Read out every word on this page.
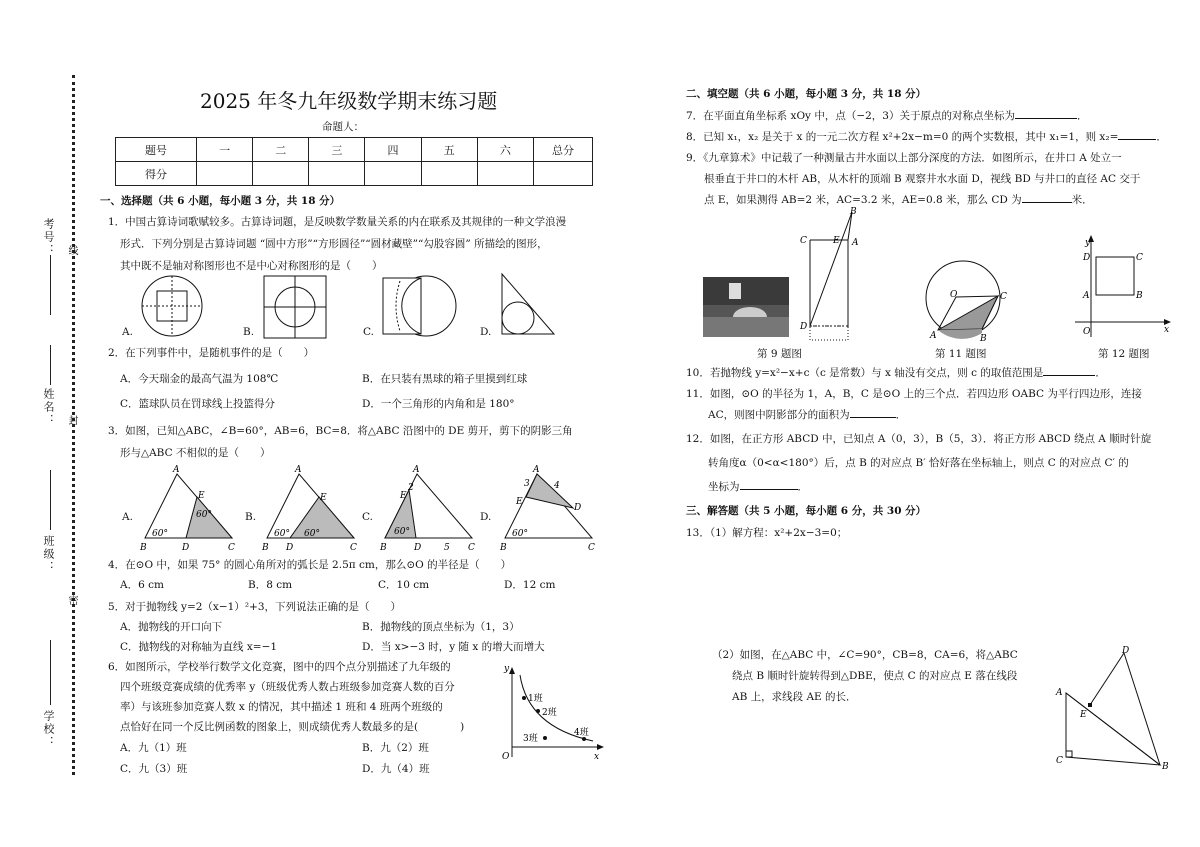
考号： 线
姓名： 封
班级：
密
学校：
2025 年冬九年级数学期末练习题
命题人：
题号	一	二	三	四	五	六	总分
得分							
一、选择题（共 6 小题，每小题 3 分，共 18 分）
1．中国古算诗词歌赋较多。古算诗词题，是反映数学数量关系的内在联系及其规律的一种文学浪漫
形式．下列分别是古算诗词题 “圆中方形”“方形圆径”“圆材藏壁”“勾股容圆” 所描绘的图形，
其中既不是轴对称图形也不是中心对称图形的是（　　）
A.	B.	C.	D.
2．在下列事件中，是随机事件的是（　　）
A．今天瑞金的最高气温为 108℃	B．在只装有黑球的箱子里摸到红球
C．篮球队员在罚球线上投篮得分	D．一个三角形的内角和是 180°
3．如图，已知△ABC，∠B=60°，AB=6，BC=8．将△ABC 沿图中的 DE 剪开，剪下的阴影三角
形与△ABC 不相似的是（　　）
A.	B.	C.	D.
A
E
B	D	C
60°
60°
A
E
B D	C
60° 60°
A
E
2
B	D	5 C
60°
A
3	4
E
D
B	C
60°
4．在⊙O 中，如果 75° 的圆心角所对的弧长是 2.5π cm，那么⊙O 的半径是（　　）
A．6 cm	B．8 cm	C．10 cm	D．12 cm
5．对于抛物线 y=2（x−1）²+3，下列说法正确的是（　　）
A．抛物线的开口向下	B．抛物线的顶点坐标为（1，3）
C．抛物线的对称轴为直线 x=−1	D．当 x>−3 时，y 随 x 的增大而增大
6．如图所示，学校举行数学文化竞赛，图中的四个点分别描述了九年级的
四个班级竞赛成绩的优秀率 y（班级优秀人数占班级参加竞赛人数的百分
率）与该班参加竞赛人数 x 的情况，其中描述 1 班和 4 班两个班级的
点恰好在同一个反比例函数的图象上，则成绩优秀人数最多的是(　　　　)
A．九（1）班	B．九（2）班
C．九（3）班	D．九（4）班
y
x
O
1班
2班
3班
4班
二、填空题（共 6 小题，每小题 3 分，共 18 分）
7．在平面直角坐标系 xOy 中，点（−2，3）关于原点的对称点坐标为	．
8．已知 x₁，x₂ 是关于 x 的一元二次方程 x²+2x−m=0 的两个实数根，其中 x₁=1，则 x₂=	．
9．《九章算术》中记载了一种测量古井水面以上部分深度的方法．如图所示，在井口 A 处立一
根垂直于井口的木杆 AB，从木杆的顶端 B 观察井水水面 D，视线 BD 与井口的直径 AC 交于
点 E，如果测得 AB=2 米，AC=3.2 米，AE=0.8 米，那么 CD 为	米．
B
C	E A
D
O	C
A	B
y
x
O
D	C
A	B
第 9 题图	第 11 题图	第 12 题图
10．若抛物线 y=x²−x+c（c 是常数）与 x 轴没有交点，则 c 的取值范围是	．
11．如图，⊙O 的半径为 1，A，B，C 是⊙O 上的三个点．若四边形 OABC 为平行四边形，连接
AC，则图中阴影部分的面积为	．
12．如图，在正方形 ABCD 中，已知点 A（0，3），B（5，3）．将正方形 ABCD 绕点 A 顺时针旋
转角度α（0<α<180°）后，点 B 的对应点 B′ 恰好落在坐标轴上，则点 C 的对应点 C′ 的
坐标为	．
三、解答题（共 5 小题，每小题 6 分，共 30 分）
13．（1）解方程：x²+2x−3=0；
（2）如图，在△ABC 中，∠C=90°，CB=8，CA=6，将△ABC
绕点 B 顺时针旋转得到△DBE，使点 C 的对应点 E 落在线段
AB 上，求线段 AE 的长．
D
A
E
C
B
